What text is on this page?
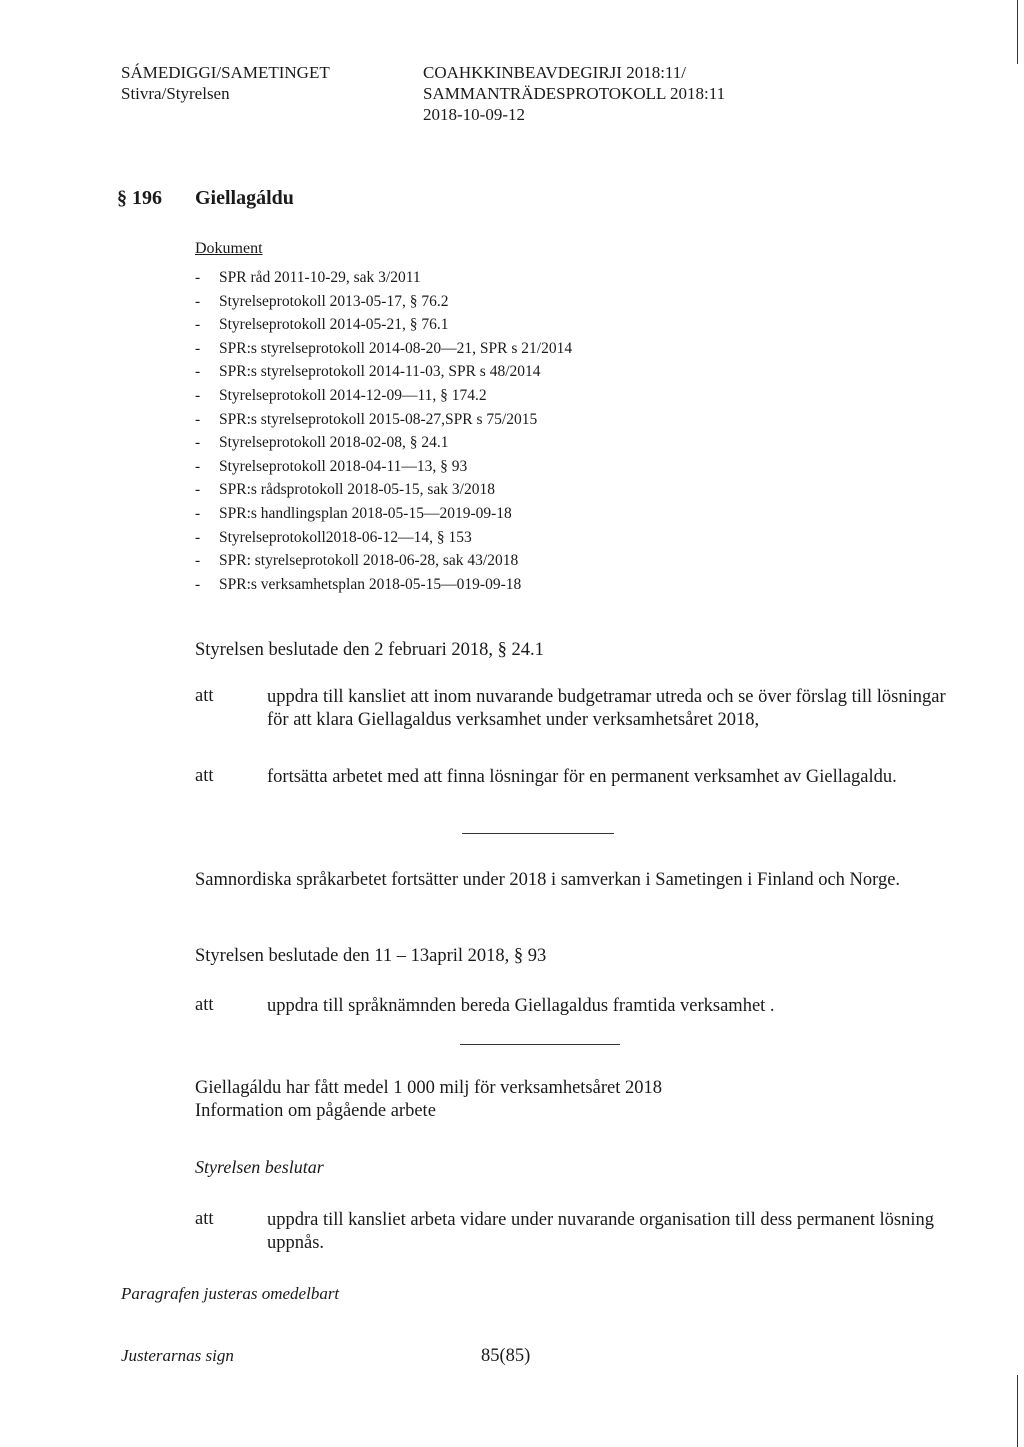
SÁMEDIGGI/SAMETINGET
Stivra/Styrelsen
COAHKKINBEAVDEGIRJI 2018:11/
SAMMANTRÄDESPROTOKOLL 2018:11
2018-10-09-12
§ 196 Giellagáldu
Dokument
- SPR råd 2011-10-29, sak 3/2011
- Styrelseprotokoll 2013-05-17, § 76.2
- Styrelseprotokoll 2014-05-21, § 76.1
- SPR:s styrelseprotokoll 2014-08-20—21, SPR s 21/2014
- SPR:s styrelseprotokoll 2014-11-03, SPR s 48/2014
- Styrelseprotokoll 2014-12-09—11, § 174.2
- SPR:s styrelseprotokoll 2015-08-27,SPR s 75/2015
- Styrelseprotokoll 2018-02-08, § 24.1
- Styrelseprotokoll 2018-04-11—13, § 93
- SPR:s rådsprotokoll 2018-05-15, sak 3/2018
- SPR:s handlingsplan 2018-05-15—2019-09-18
- Styrelseprotokoll2018-06-12—14, § 153
- SPR: styrelseprotokoll 2018-06-28, sak 43/2018
- SPR:s verksamhetsplan 2018-05-15—019-09-18
Styrelsen beslutade den 2 februari 2018, § 24.1
att	uppdra till kansliet att inom nuvarande budgetramar utreda och se över förslag till lösningar för att klara Giellagaldus verksamhet under verksamhetsåret 2018,
att	fortsätta arbetet med att finna lösningar för en permanent verksamhet av Giellagaldu.
Samnordiska språkarbetet fortsätter under 2018 i samverkan i Sametingen i Finland och Norge.
Styrelsen beslutade den 11 – 13april 2018, § 93
att	uppdra till språknämnden bereda Giellagaldus framtida verksamhet .
Giellagáldu har fått medel 1 000 milj för verksamhetsåret 2018
Information om pågående arbete
Styrelsen beslutar
att	uppdra till kansliet arbeta vidare under nuvarande organisation till dess permanent lösning uppnås.
Paragrafen justeras omedelbart
Justerarnas sign	85(85)
